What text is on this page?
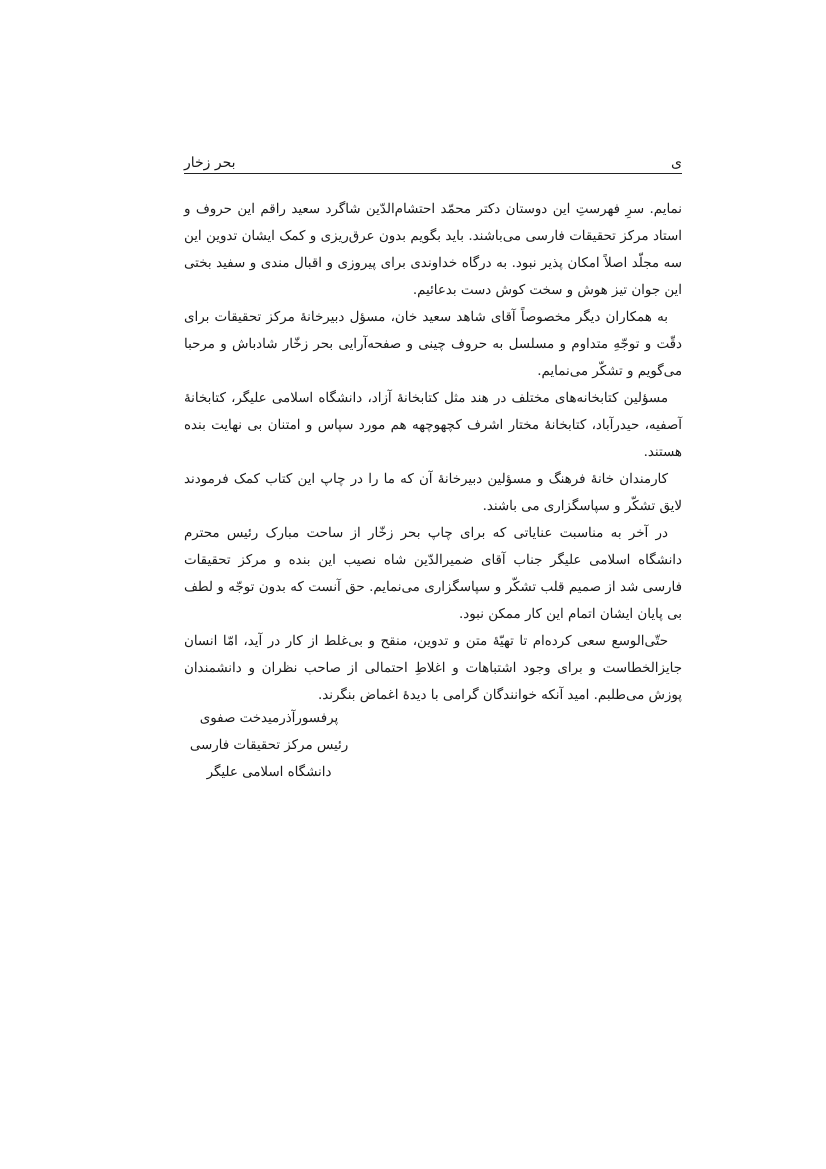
ی
بحر زخار

نمایم. سرِ فهرستِ این دوستان دکتر محمّد احتشام‌الدّین شاگرد سعید راقم این حروف و استاد مرکز تحقیقات فارسی می‌باشند. باید بگویم بدون عرق‌ریزی و کمک ایشان تدوین این سه مجلّد اصلاً امکان پذیر نبود. به درگاه خداوندی برای پیروزی و اقبال مندی و سفید بختی این جوان تیز هوش و سخت کوش دست بدعائیم.

به همکاران دیگر مخصوصاً آقای شاهد سعید خان، مسؤل دبیرخانهٔ مرکز تحقیقات برای دقّت و توجّهِ متداوم و مسلسل به حروف چینی و صفحه‌آرایی بحر زخّار شادباش و مرحبا می‌گویم و تشکّر می‌نمایم.

مسؤلین کتابخانه‌های مختلف در هند مثل کتابخانهٔ آزاد، دانشگاه اسلامی علیگر، کتابخانهٔ آصفیه، حیدرآباد، کتابخانهٔ مختار اشرف کچهوچهه هم مورد سپاس و امتنان بی نهایت بنده هستند.

کارمندان خانهٔ فرهنگ و مسؤلین دبیرخانهٔ آن که ما را در چاپ این کتاب کمک فرمودند لایق تشکّر و سپاسگزاری می باشند.

در آخر به مناسبت عنایاتی که برای چاپ بحر زخّار از ساحت مبارک رئیس محترم دانشگاه اسلامی علیگر جناب آقای ضمیرالدّین شاه نصیب این بنده و مرکز تحقیقات فارسی شد از صمیم قلب تشکّر و سپاسگزاری می‌نمایم. حق آنست که بدون توجّه و لطف بی پایان ایشان اتمام این کار ممکن نبود.

حتّی‌الوسع سعی کرده‌ام تا تهیّهٔ متن و تدوین، منقح و بی‌غلط از کار در آید، امّا انسان جایزالخطاست و برای وجود اشتباهات و اغلاطِ احتمالی از صاحب نظران و دانشمندان پوزش می‌طلبم. امید آنکه خوانندگان گرامی با دیدهٔ اغماض بنگرند.

پرفسورآذرمیدخت صفوی
رئیس مرکز تحقیقات فارسی
دانشگاه اسلامی علیگر
